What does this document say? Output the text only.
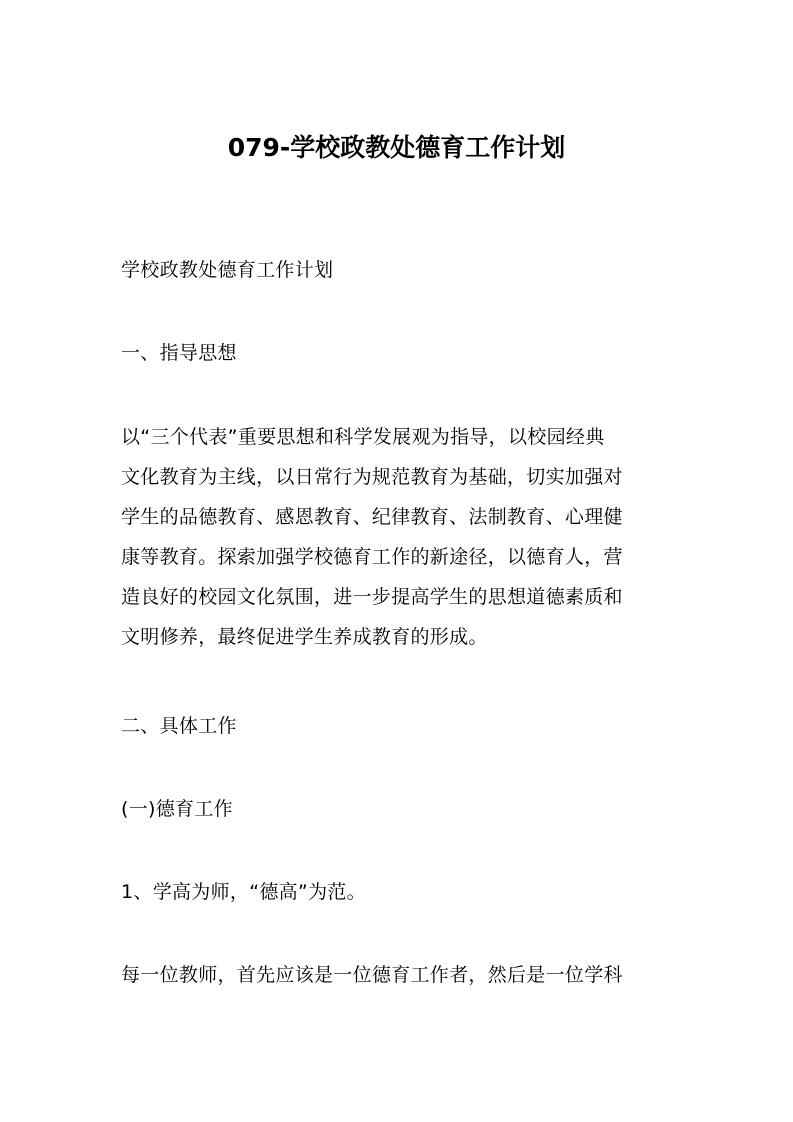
079-学校政教处德育工作计划
学校政教处德育工作计划
一、指导思想
以“三个代表”重要思想和科学发展观为指导，以校园经典
文化教育为主线，以日常行为规范教育为基础，切实加强对
学生的品德教育、感恩教育、纪律教育、法制教育、心理健
康等教育。探索加强学校德育工作的新途径，以德育人，营
造良好的校园文化氛围，进一步提高学生的思想道德素质和
文明修养，最终促进学生养成教育的形成。
二、具体工作
(一)德育工作
1、学高为师，“德高”为范。
每一位教师，首先应该是一位德育工作者，然后是一位学科
